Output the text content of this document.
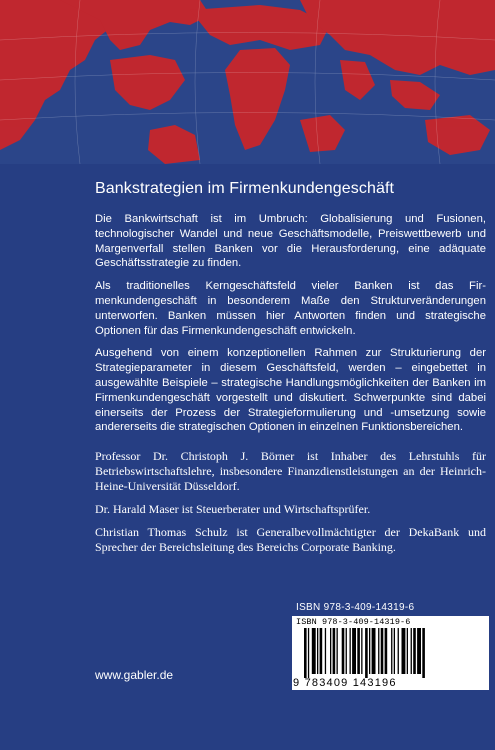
Bankstrategien im Firmenkundengeschäft

Die Bankwirtschaft ist im Umbruch: Globalisierung und Fusionen, technologischer Wandel und neue Geschäftsmodelle, Preiswettbewerb und Margenverfall stellen Banken vor die Herausforderung, eine adäquate Geschäftsstrategie zu finden.

Als traditionelles Kerngeschäftsfeld vieler Banken ist das Firmenkundengeschäft in besonderem Maße den Strukturveränderungen unterworfen. Banken müssen hier Antworten finden und strategische Optionen für das Firmenkundengeschäft entwickeln.

Ausgehend von einem konzeptionellen Rahmen zur Strukturierung der Strategieparameter in diesem Geschäftsfeld, werden – eingebettet in ausgewählte Beispiele – strategische Handlungsmöglichkeiten der Banken im Firmenkundengeschäft vorgestellt und diskutiert. Schwerpunkte sind dabei einerseits der Prozess der Strategieformulierung und -umsetzung sowie andererseits die strategischen Optionen in einzelnen Funktionsbereichen.

Professor Dr. Christoph J. Börner ist Inhaber des Lehrstuhls für Betriebswirtschaftslehre, insbesondere Finanzdienstleistungen an der Heinrich-Heine-Universität Düsseldorf.

Dr. Harald Maser ist Steuerberater und Wirtschaftsprüfer.

Christian Thomas Schulz ist Generalbevollmächtigter der DekaBank und Sprecher der Bereichsleitung des Bereichs Corporate Banking.

ISBN 978-3-409-14319-6
ISBN 978-3-409-14319-6
9 783409 143196
www.gabler.de
